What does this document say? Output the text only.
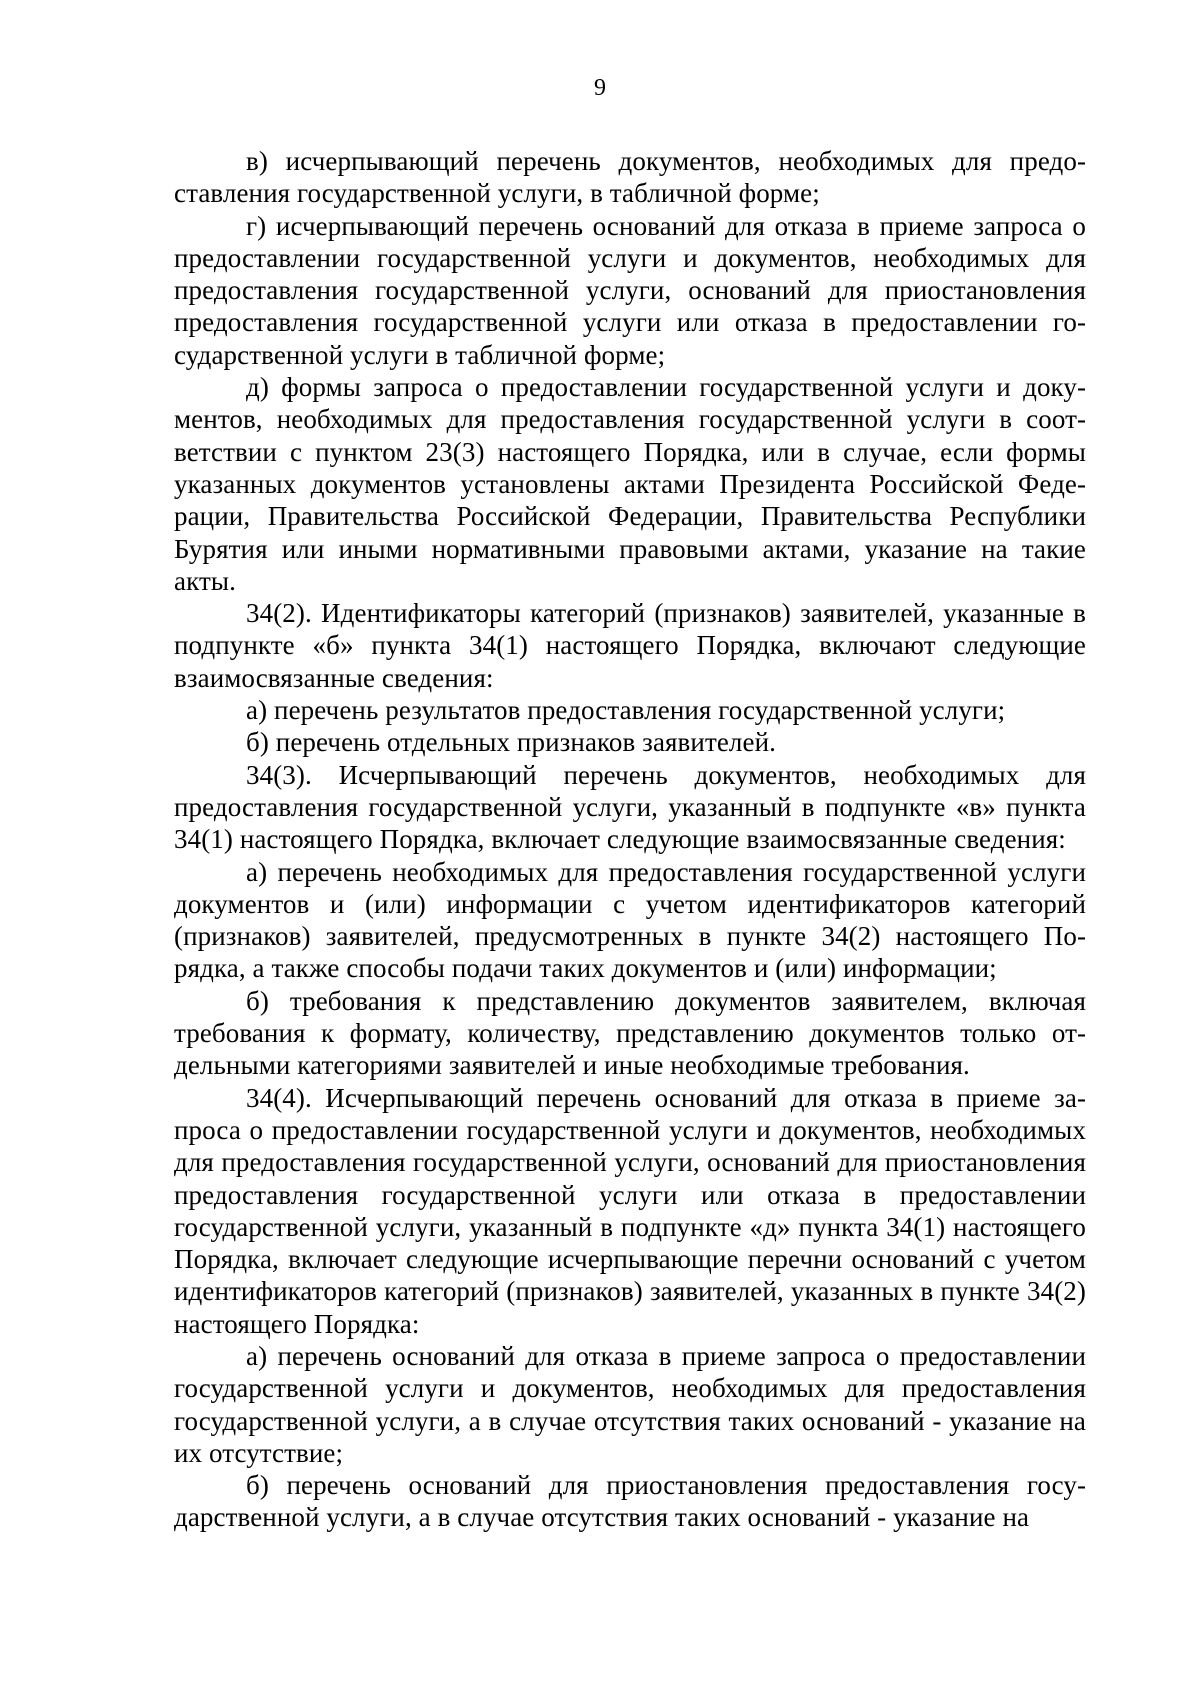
9

в) исчерпывающий перечень документов, необходимых для предоставления государственной услуги, в табличной форме;

г) исчерпывающий перечень оснований для отказа в приеме запроса о предоставлении государственной услуги и документов, необходимых для предоставления государственной услуги, оснований для приостановления предоставления государственной услуги или отказа в предоставлении государственной услуги в табличной форме;

д) формы запроса о предоставлении государственной услуги и документов, необходимых для предоставления государственной услуги в соответствии с пунктом 23(3) настоящего Порядка, или в случае, если формы указанных документов установлены актами Президента Российской Федерации, Правительства Российской Федерации, Правительства Республики Бурятия или иными нормативными правовыми актами, указание на такие акты.

34(2). Идентификаторы категорий (признаков) заявителей, указанные в подпункте «б» пункта 34(1) настоящего Порядка, включают следующие взаимосвязанные сведения:

а) перечень результатов предоставления государственной услуги;

б) перечень отдельных признаков заявителей.

34(3). Исчерпывающий перечень документов, необходимых для предоставления государственной услуги, указанный в подпункте «в» пункта 34(1) настоящего Порядка, включает следующие взаимосвязанные сведения:

а) перечень необходимых для предоставления государственной услуги документов и (или) информации с учетом идентификаторов категорий (признаков) заявителей, предусмотренных в пункте 34(2) настоящего Порядка, а также способы подачи таких документов и (или) информации;

б) требования к представлению документов заявителем, включая требования к формату, количеству, представлению документов только отдельными категориями заявителей и иные необходимые требования.

34(4). Исчерпывающий перечень оснований для отказа в приеме запроса о предоставлении государственной услуги и документов, необходимых для предоставления государственной услуги, оснований для приостановления предоставления государственной услуги или отказа в предоставлении государственной услуги, указанный в подпункте «д» пункта 34(1) настоящего Порядка, включает следующие исчерпывающие перечни оснований с учетом идентификаторов категорий (признаков) заявителей, указанных в пункте 34(2) настоящего Порядка:

а) перечень оснований для отказа в приеме запроса о предоставлении государственной услуги и документов, необходимых для предоставления государственной услуги, а в случае отсутствия таких оснований - указание на их отсутствие;

б) перечень оснований для приостановления предоставления государственной услуги, а в случае отсутствия таких оснований - указание на
